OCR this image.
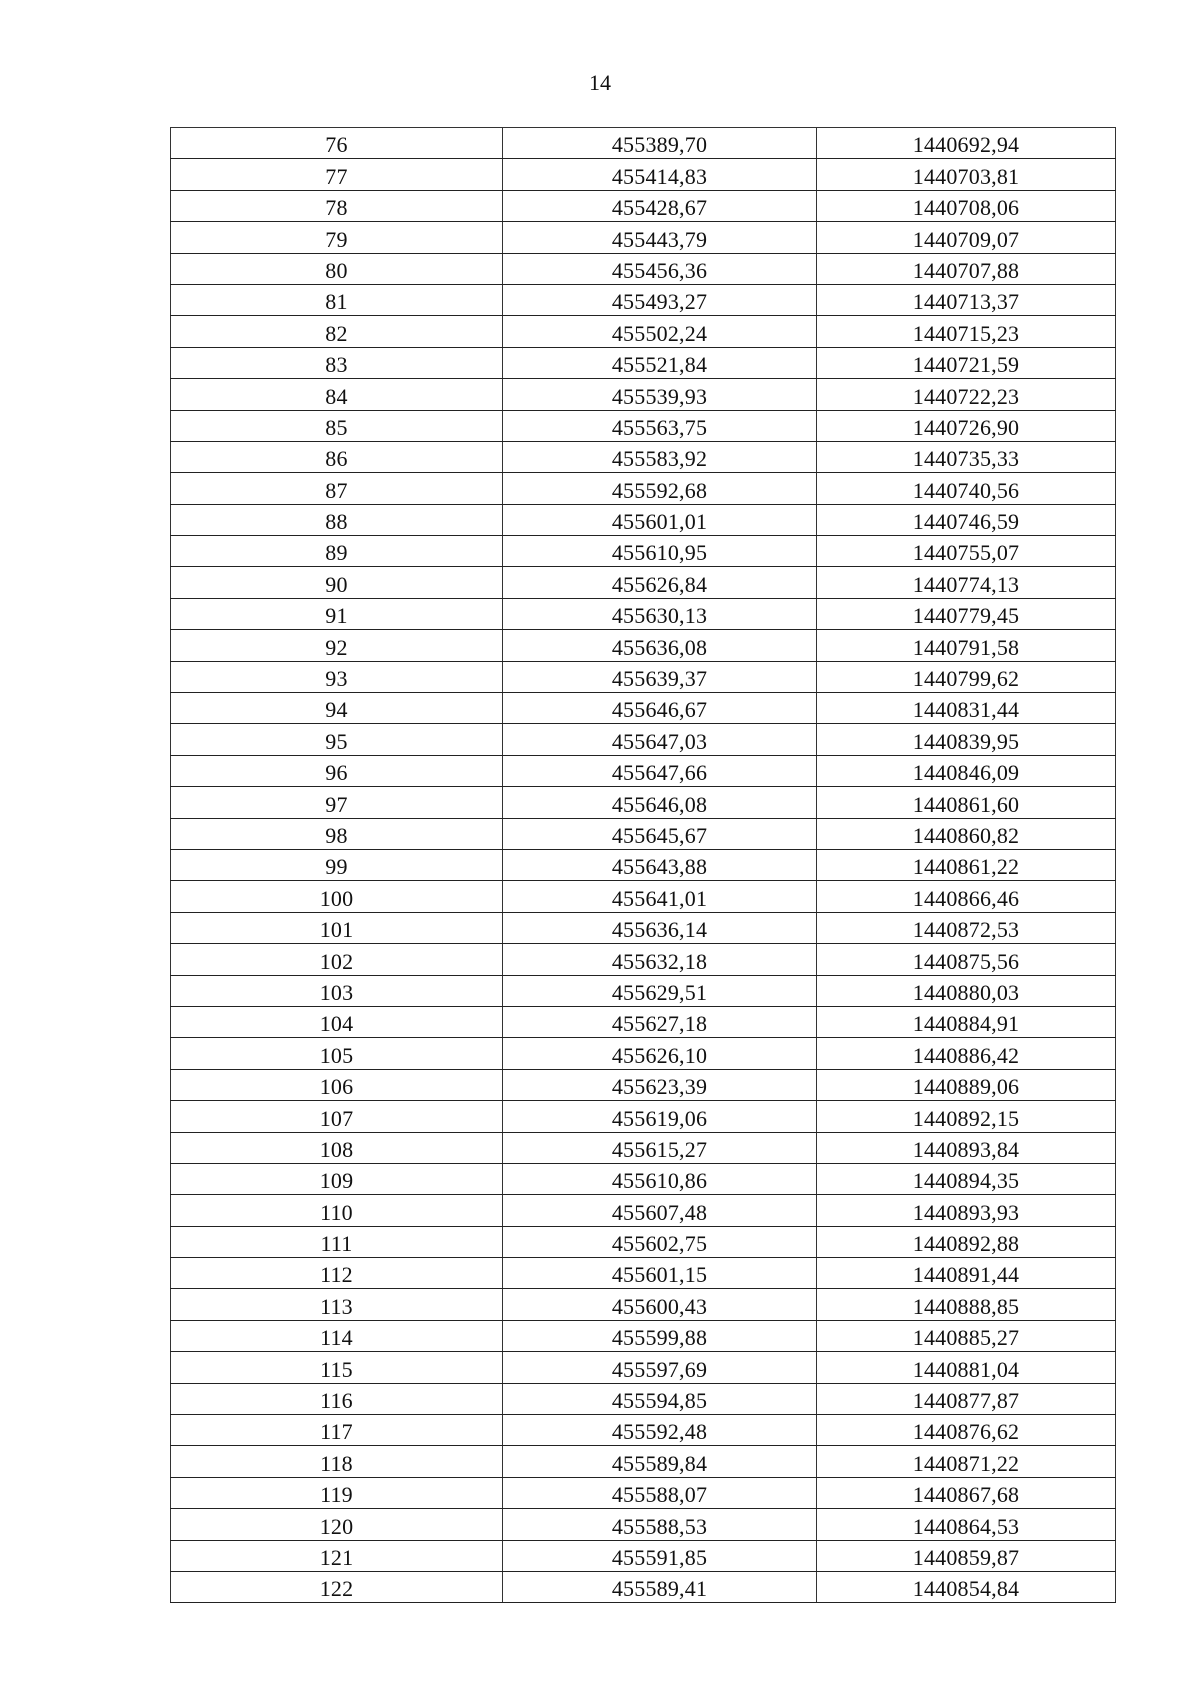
14
76	455389,70	1440692,94
77	455414,83	1440703,81
78	455428,67	1440708,06
79	455443,79	1440709,07
80	455456,36	1440707,88
81	455493,27	1440713,37
82	455502,24	1440715,23
83	455521,84	1440721,59
84	455539,93	1440722,23
85	455563,75	1440726,90
86	455583,92	1440735,33
87	455592,68	1440740,56
88	455601,01	1440746,59
89	455610,95	1440755,07
90	455626,84	1440774,13
91	455630,13	1440779,45
92	455636,08	1440791,58
93	455639,37	1440799,62
94	455646,67	1440831,44
95	455647,03	1440839,95
96	455647,66	1440846,09
97	455646,08	1440861,60
98	455645,67	1440860,82
99	455643,88	1440861,22
100	455641,01	1440866,46
101	455636,14	1440872,53
102	455632,18	1440875,56
103	455629,51	1440880,03
104	455627,18	1440884,91
105	455626,10	1440886,42
106	455623,39	1440889,06
107	455619,06	1440892,15
108	455615,27	1440893,84
109	455610,86	1440894,35
110	455607,48	1440893,93
111	455602,75	1440892,88
112	455601,15	1440891,44
113	455600,43	1440888,85
114	455599,88	1440885,27
115	455597,69	1440881,04
116	455594,85	1440877,87
117	455592,48	1440876,62
118	455589,84	1440871,22
119	455588,07	1440867,68
120	455588,53	1440864,53
121	455591,85	1440859,87
122	455589,41	1440854,84
